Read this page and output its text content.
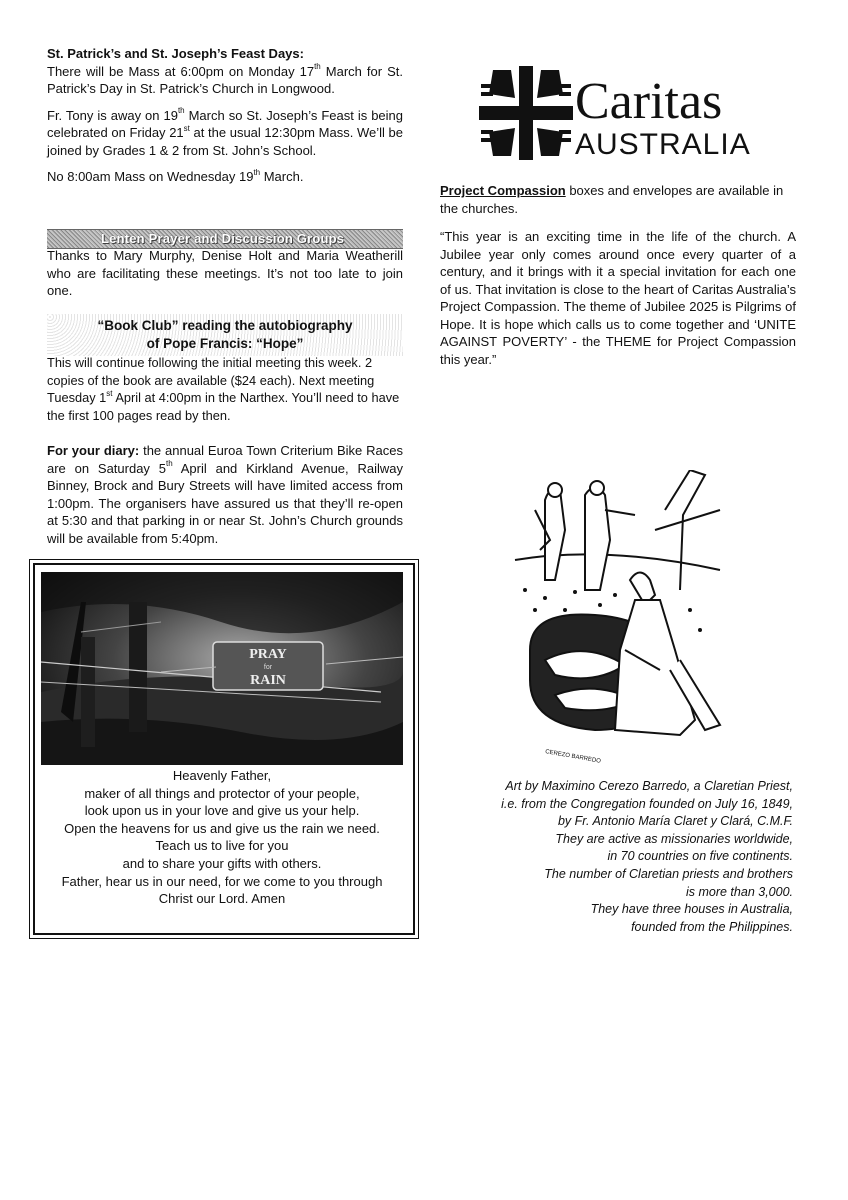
St. Patrick’s and St. Joseph’s Feast Days:

There will be Mass at 6:00pm on Monday 17th March for St. Patrick’s Day in St. Patrick’s Church in Longwood.

Fr. Tony is away on 19th March so St. Joseph’s Feast is being celebrated on Friday 21st at the usual 12:30pm Mass. We’ll be joined by Grades 1 & 2 from St. John’s School.

No 8:00am Mass on Wednesday 19th March.

Lenten Prayer and Discussion Groups
Thanks to Mary Murphy, Denise Holt and Maria Weatherill who are facilitating these meetings. It’s not too late to join one.
“Book Club” reading the autobiography
of Pope Francis: “Hope”
This will continue following the initial meeting this week. 2 copies of the book are available ($24 each). Next meeting Tuesday 1st April at 4:00pm in the Narthex. You’ll need to have the first 100 pages read by then.
For your diary: the annual Euroa Town Criterium Bike Races are on Saturday 5th April and Kirkland Avenue, Railway Binney, Brock and Bury Streets will have limited access from 1:00pm. The organisers have assured us that they’ll re-open at 5:30 and that parking in or near St. John’s Church grounds will be available from 5:40pm.
PRAY
for
RAIN
Heavenly Father,
maker of all things and protector of your people,
look upon us in your love and give us your help.
Open the heavens for us and give us the rain we need.
Teach us to live for you
and to share your gifts with others.
Father, hear us in our need, for we come to you through
Christ our Lord. Amen
Caritas
AUSTRALIA
Project Compassion boxes and envelopes are available in the churches.
“This year is an exciting time in the life of the church. A Jubilee year only comes around once every quarter of a century, and it brings with it a special invitation for each one of us. That invitation is close to the heart of Caritas Australia’s Project Compassion. The theme of Jubilee 2025 is Pilgrims of Hope. It is hope which calls us to come together and ‘UNITE AGAINST POVERTY’ - the THEME for Project Compassion this year.”
CEREZO BARREDO
Art by Maximino Cerezo Barredo, a Claretian Priest,
i.e. from the Congregation founded on July 16, 1849,
by Fr. Antonio María Claret y Clará, C.M.F.
They are active as missionaries worldwide,
in 70 countries on five continents.
The number of Claretian priests and brothers
is more than 3,000.
They have three houses in Australia,
founded from the Philippines.
